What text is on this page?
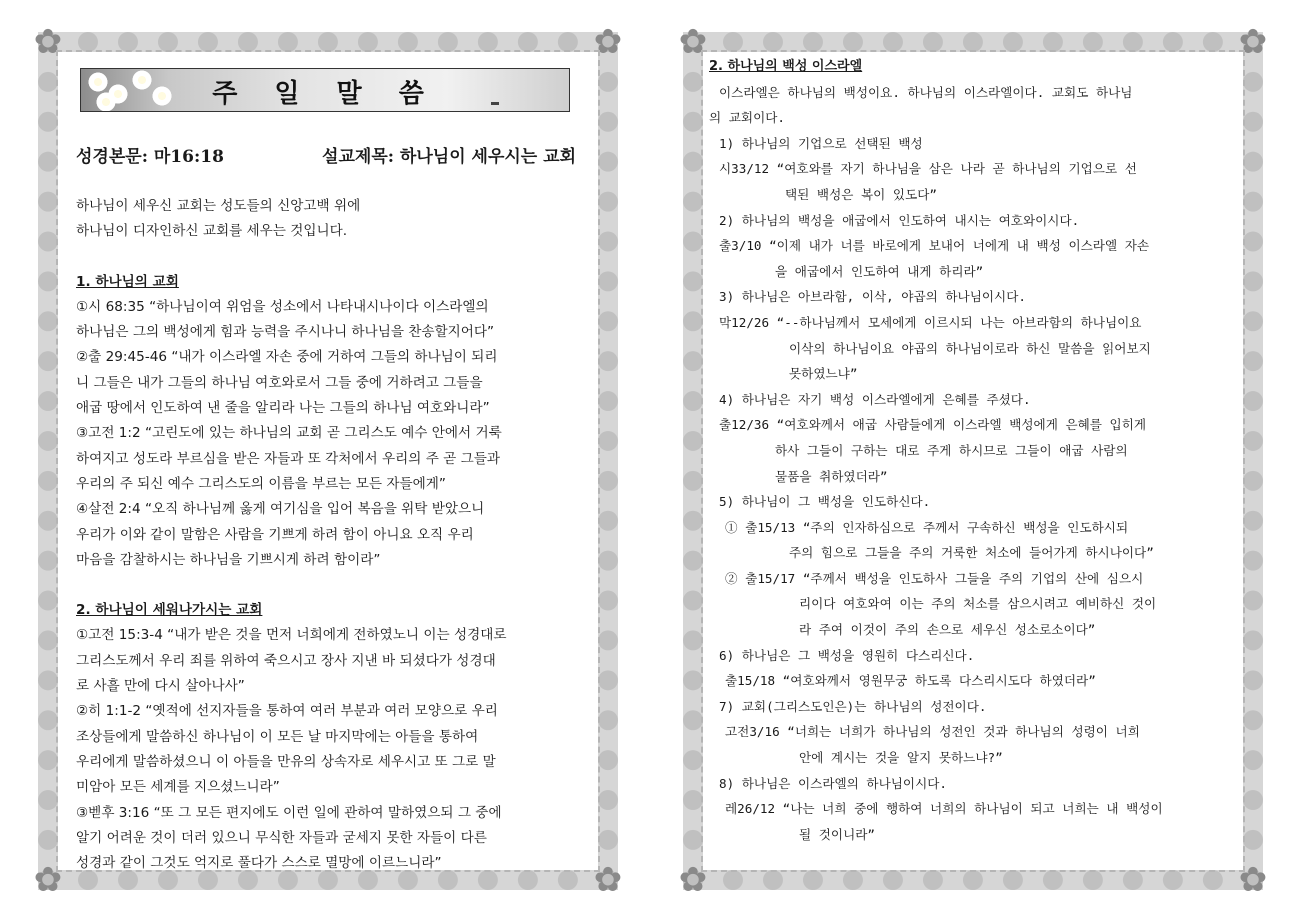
✿	✿
✿	✿
주 일 말 씀
성경본문: 마16:18	설교제목: 하나님이 세우시는 교회

하나님이 세우신 교회는 성도들의 신앙고백 위에

하나님이 디자인하신 교회를 세우는 것입니다.

1. 하나님의 교회

①시 68:35 “하나님이여 위엄을 성소에서 나타내시나이다 이스라엘의

하나님은 그의 백성에게 힘과 능력을 주시나니 하나님을 찬송할지어다”

②출 29:45-46 “내가 이스라엘 자손 중에 거하여 그들의 하나님이 되리

니 그들은 내가 그들의 하나님 여호와로서 그들 중에 거하려고 그들을

애굽 땅에서 인도하여 낸 줄을 알리라 나는 그들의 하나님 여호와니라”

③고전 1:2 “고린도에 있는 하나님의 교회 곧 그리스도 예수 안에서 거룩

하여지고 성도라 부르심을 받은 자들과 또 각처에서 우리의 주 곧 그들과

우리의 주 되신 예수 그리스도의 이름을 부르는 모든 자들에게”

④살전 2:4 “오직 하나님께 옳게 여기심을 입어 복음을 위탁 받았으니

우리가 이와 같이 말함은 사람을 기쁘게 하려 함이 아니요 오직 우리

마음을 감찰하시는 하나님을 기쁘시게 하려 함이라”

2. 하나님이 세워나가시는 교회

①고전 15:3-4 “내가 받은 것을 먼저 너희에게 전하였노니 이는 성경대로

그리스도께서 우리 죄를 위하여 죽으시고 장사 지낸 바 되셨다가 성경대

로 사흘 만에 다시 살아나사”

②히 1:1-2 “옛적에 선지자들을 통하여 여러 부분과 여러 모양으로 우리

조상들에게 말씀하신 하나님이 이 모든 날 마지막에는 아들을 통하여

우리에게 말씀하셨으니 이 아들을 만유의 상속자로 세우시고 또 그로 말

미암아 모든 세계를 지으셨느니라”

③벧후 3:16 “또 그 모든 편지에도 이런 일에 관하여 말하였으되 그 중에

알기 어려운 것이 더러 있으니 무식한 자들과 굳세지 못한 자들이 다른

성경과 같이 그것도 억지로 풀다가 스스로 멸망에 이르느니라”

✿	✿
✿	✿

2. 하나님의 백성 이스라엘

이스라엘은 하나님의 백성이요. 하나님의 이스라엘이다. 교회도 하나님

의 교회이다.

1) 하나님의 기업으로 선택된 백성

시33/12 “여호와를 자기 하나님을 삼은 나라 곧 하나님의 기업으로 선

택된 백성은 복이 있도다”

2) 하나님의 백성을 애굽에서 인도하여 내시는 여호와이시다.

출3/10 “이제 내가 너를 바로에게 보내어 너에게 내 백성 이스라엘 자손

을 애굽에서 인도하여 내게 하리라”

3) 하나님은 아브라함, 이삭, 야곱의 하나님이시다.

막12/26 “--하나님께서 모세에게 이르시되 나는 아브라함의 하나님이요

이삭의 하나님이요 야곱의 하나님이로라 하신 말씀을 읽어보지

못하였느냐”

4) 하나님은 자기 백성 이스라엘에게 은혜를 주셨다.

출12/36 “여호와께서 애굽 사람들에게 이스라엘 백성에게 은혜를 입히게

하사 그들이 구하는 대로 주게 하시므로 그들이 애굽 사람의

물품을 취하였더라”

5) 하나님이 그 백성을 인도하신다.

① 출15/13 “주의 인자하심으로 주께서 구속하신 백성을 인도하시되

주의 힘으로 그들을 주의 거룩한 처소에 들어가게 하시나이다”

② 출15/17 “주께서 백성을 인도하사 그들을 주의 기업의 산에 심으시

리이다 여호와여 이는 주의 처소를 삼으시려고 예비하신 것이

라 주여 이것이 주의 손으로 세우신 성소로소이다”

6) 하나님은 그 백성을 영원히 다스리신다.

출15/18 “여호와께서 영원무궁 하도록 다스리시도다 하였더라”

7) 교회(그리스도인은)는 하나님의 성전이다.

고전3/16 “너희는 너희가 하나님의 성전인 것과 하나님의 성령이 너희

안에 계시는 것을 알지 못하느냐?”

8) 하나님은 이스라엘의 하나님이시다.

레26/12 “나는 너희 중에 행하여 너희의 하나님이 되고 너희는 내 백성이

될 것이니라”
